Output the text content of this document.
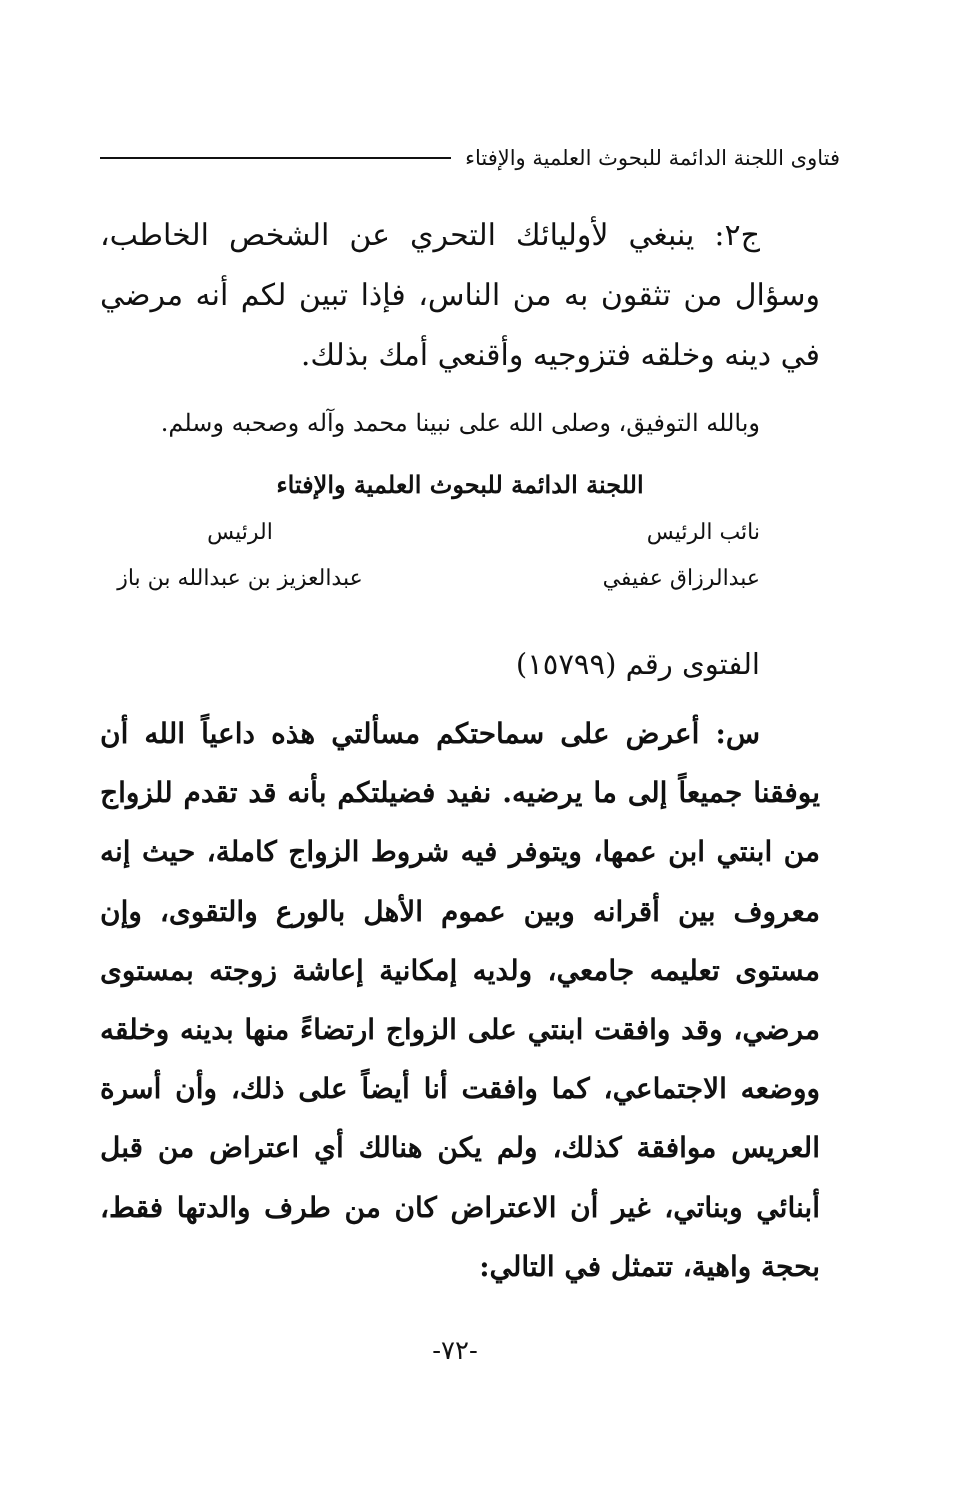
فتاوى اللجنة الدائمة للبحوث العلمية والإفتاء
ج٢: ينبغي لأوليائك التحري عن الشخص الخاطب، وسؤال من تثقون به من الناس، فإذا تبين لكم أنه مرضي في دينه وخلقه فتزوجيه وأقنعي أمك بذلك.
وبالله التوفيق، وصلى الله على نبينا محمد وآله وصحبه وسلم.
اللجنة الدائمة للبحوث العلمية والإفتاء
نائب الرئيس
الرئيس
عبدالرزاق عفيفي
عبدالعزيز بن عبدالله بن باز
الفتوى رقم (١٥٧٩٩)
س: أعرض على سماحتكم مسألتي هذه داعياً الله أن يوفقنا جميعاً إلى ما يرضيه. نفيد فضيلتكم بأنه قد تقدم للزواج من ابنتي ابن عمها، ويتوفر فيه شروط الزواج كاملة، حيث إنه معروف بين أقرانه وبين عموم الأهل بالورع والتقوى، وإن مستوى تعليمه جامعي، ولديه إمكانية إعاشة زوجته بمستوى مرضي، وقد وافقت ابنتي على الزواج ارتضاءً منها بدينه وخلقه ووضعه الاجتماعي، كما وافقت أنا أيضاً على ذلك، وأن أسرة العريس موافقة كذلك، ولم يكن هنالك أي اعتراض من قبل أبنائي وبناتي، غير أن الاعتراض كان من طرف والدتها فقط، بحجة واهية، تتمثل في التالي:
-٧٢-
